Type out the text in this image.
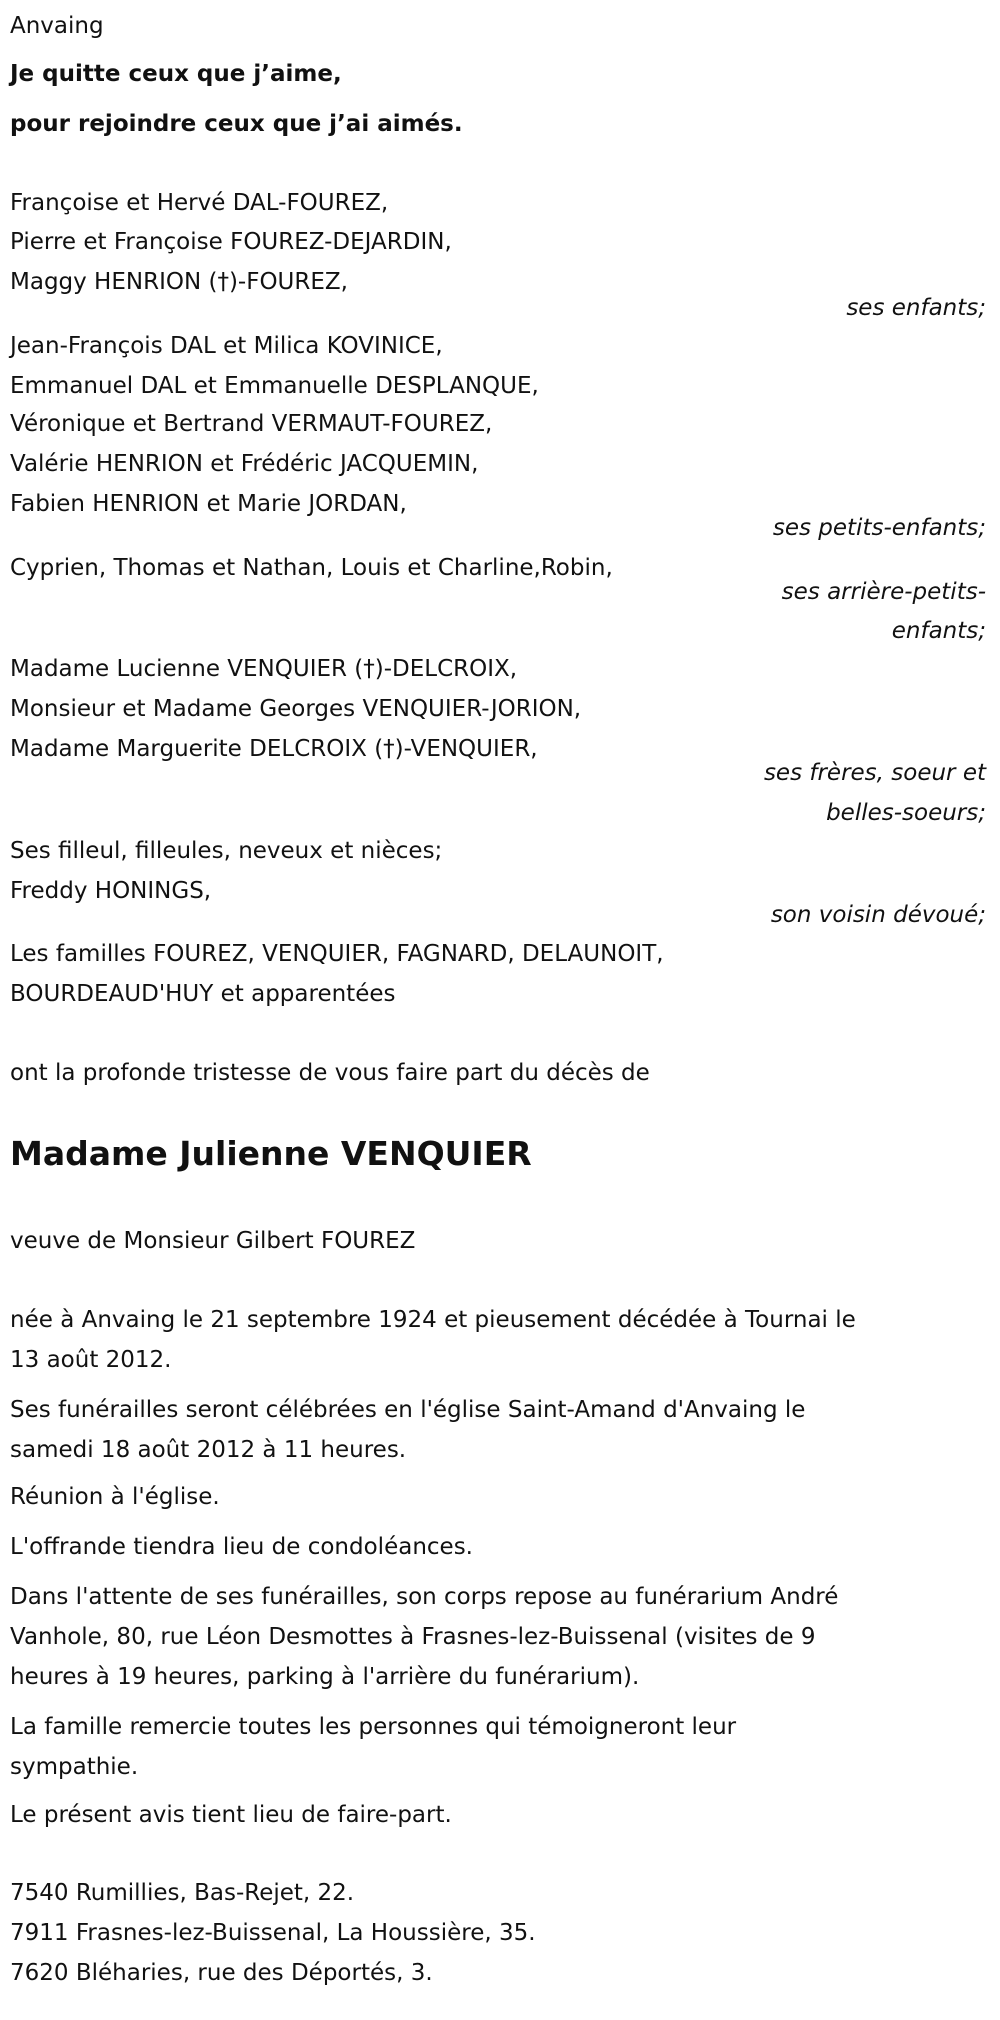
Anvaing
Je quitte ceux que j’aime,
pour rejoindre ceux que j’ai aimés.
Françoise et Hervé DAL-FOUREZ,
Pierre et Françoise FOUREZ-DEJARDIN,
Maggy HENRION (†)-FOUREZ,
ses enfants;
Jean-François DAL et Milica KOVINICE,
Emmanuel DAL et Emmanuelle DESPLANQUE,
Véronique et Bertrand VERMAUT-FOUREZ,
Valérie HENRION et Frédéric JACQUEMIN,
Fabien HENRION et Marie JORDAN,
ses petits-enfants;
Cyprien, Thomas et Nathan, Louis et Charline,Robin,
ses arrière-petits-
enfants;
Madame Lucienne VENQUIER (†)-DELCROIX,
Monsieur et Madame Georges VENQUIER-JORION,
Madame Marguerite DELCROIX (†)-VENQUIER,
ses frères, soeur et
belles-soeurs;
Ses filleul, filleules, neveux et nièces;
Freddy HONINGS,
son voisin dévoué;
Les familles FOUREZ, VENQUIER, FAGNARD, DELAUNOIT,
BOURDEAUD'HUY et apparentées
ont la profonde tristesse de vous faire part du décès de
Madame Julienne VENQUIER
veuve de Monsieur Gilbert FOUREZ
née à Anvaing le 21 septembre 1924 et pieusement décédée à Tournai le
13 août 2012.
Ses funérailles seront célébrées en l'église Saint-Amand d'Anvaing le
samedi 18 août 2012 à 11 heures.
Réunion à l'église.
L'offrande tiendra lieu de condoléances.
Dans l'attente de ses funérailles, son corps repose au funérarium André
Vanhole, 80, rue Léon Desmottes à Frasnes-lez-Buissenal (visites de 9
heures à 19 heures, parking à l'arrière du funérarium).
La famille remercie toutes les personnes qui témoigneront leur
sympathie.
Le présent avis tient lieu de faire-part.
7540 Rumillies, Bas-Rejet, 22.
7911 Frasnes-lez-Buissenal, La Houssière, 35.
7620 Bléharies, rue des Déportés, 3.
